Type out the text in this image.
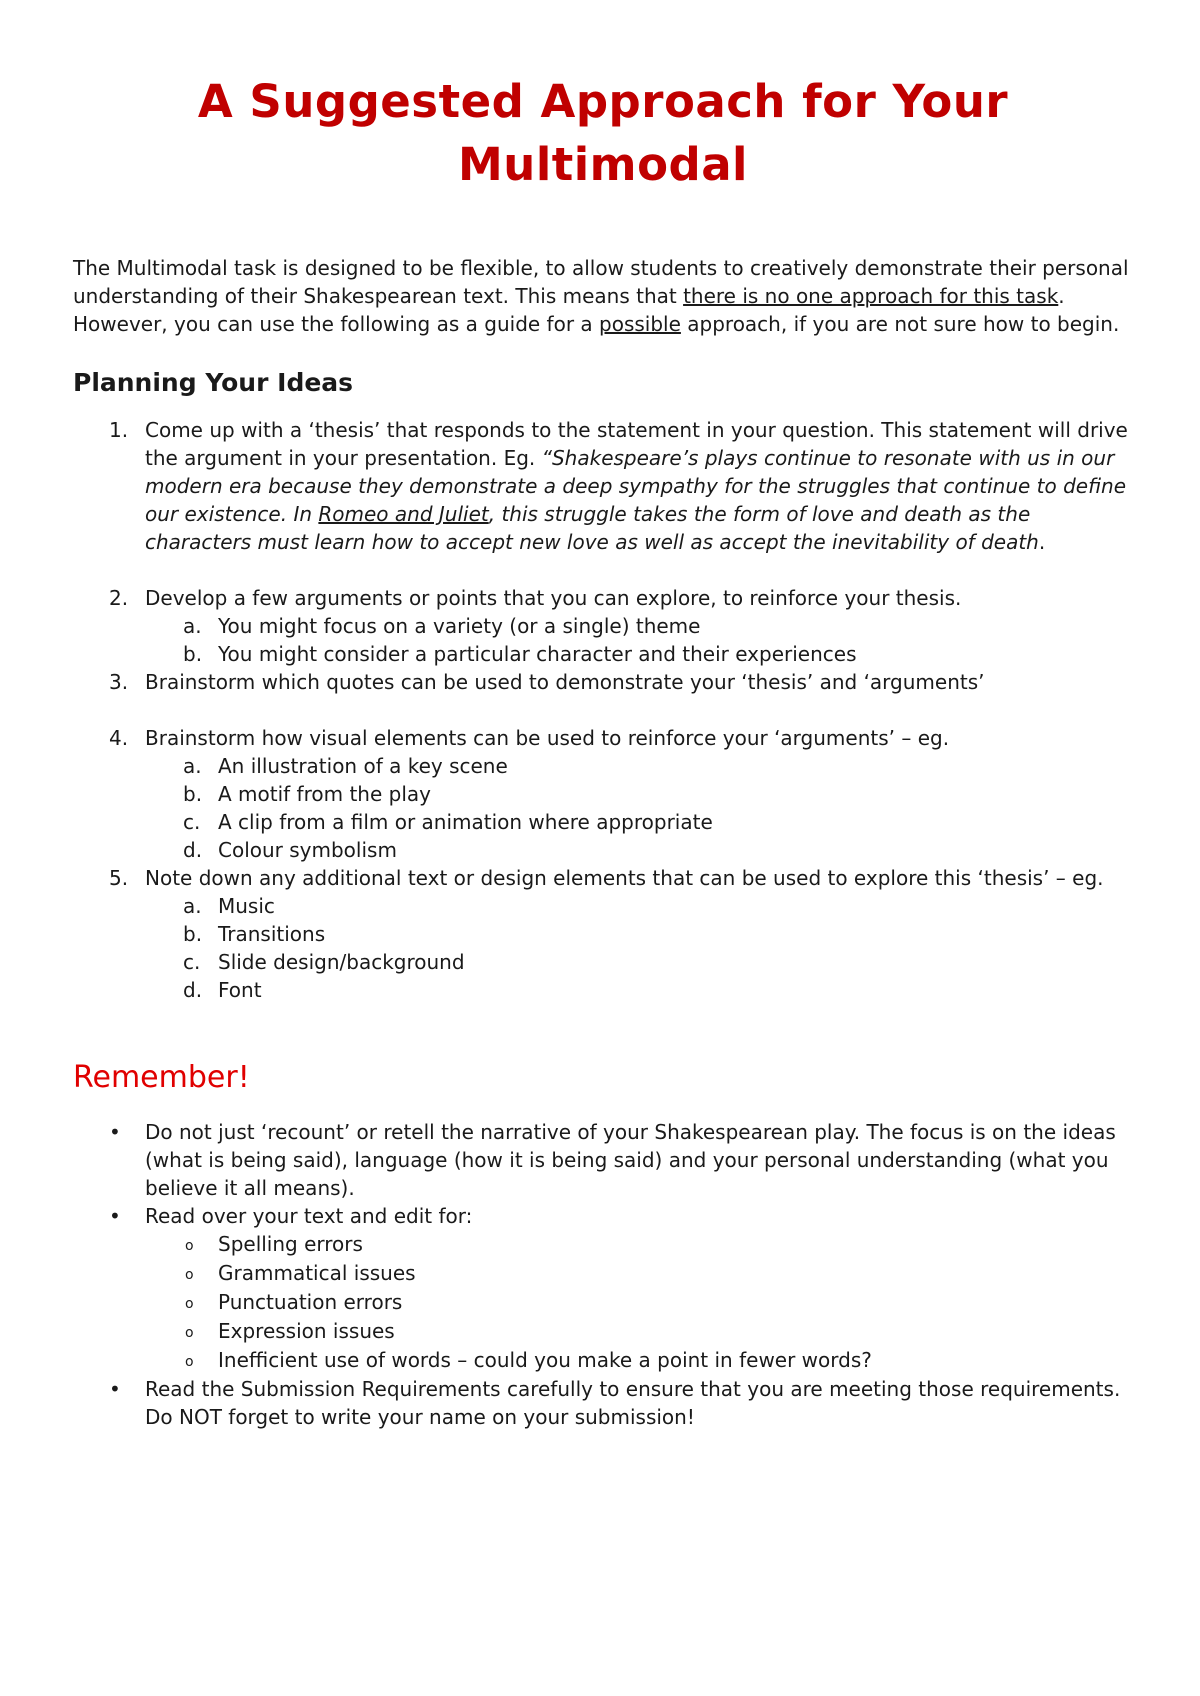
A Suggested Approach for Your
Multimodal

The Multimodal task is designed to be flexible, to allow students to creatively demonstrate their personal understanding of their Shakespearean text. This means that there is no one approach for this task. However, you can use the following as a guide for a possible approach, if you are not sure how to begin.

Planning Your Ideas
1. Come up with a ‘thesis’ that responds to the statement in your question. This statement will drive the argument in your presentation. Eg. “Shakespeare’s plays continue to resonate with us in our modern era because they demonstrate a deep sympathy for the struggles that continue to define our existence. In Romeo and Juliet, this struggle takes the form of love and death as the characters must learn how to accept new love as well as accept the inevitability of death.
2. Develop a few arguments or points that you can explore, to reinforce your thesis.
a. You might focus on a variety (or a single) theme
b. You might consider a particular character and their experiences
3. Brainstorm which quotes can be used to demonstrate your ‘thesis’ and ‘arguments’
4. Brainstorm how visual elements can be used to reinforce your ‘arguments’ – eg.
a. An illustration of a key scene
b. A motif from the play
c. A clip from a film or animation where appropriate
d. Colour symbolism
5. Note down any additional text or design elements that can be used to explore this ‘thesis’ – eg.
a. Music
b. Transitions
c. Slide design/background
d. Font
Remember!
• Do not just ‘recount’ or retell the narrative of your Shakespearean play. The focus is on the ideas (what is being said), language (how it is being said) and your personal understanding (what you believe it all means).
• Read over your text and edit for:
o Spelling errors
o Grammatical issues
o Punctuation errors
o Expression issues
o Inefficient use of words – could you make a point in fewer words?
• Read the Submission Requirements carefully to ensure that you are meeting those requirements. Do NOT forget to write your name on your submission!
